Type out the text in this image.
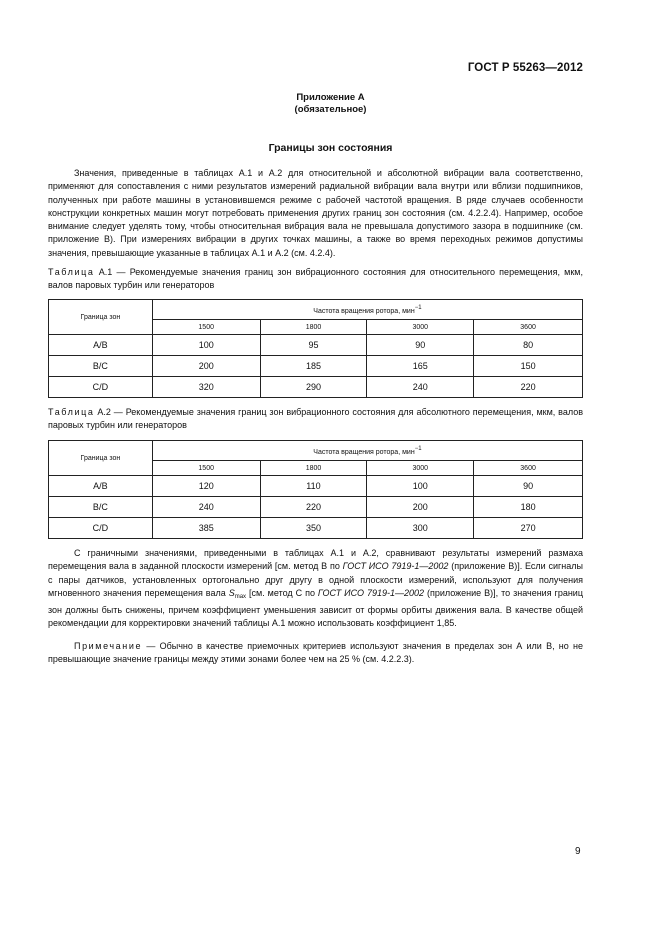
ГОСТ Р 55263—2012
Приложение А
(обязательное)
Границы зон состояния
Значения, приведенные в таблицах А.1 и А.2 для относительной и абсолютной вибрации вала соответственно, применяют для сопоставления с ними результатов измерений радиальной вибрации вала внутри или вблизи подшипников, полученных при работе машины в установившемся режиме с рабочей частотой вращения. В ряде случаев особенности конструкции конкретных машин могут потребовать применения других границ зон состояния (см. 4.2.2.4). Например, особое внимание следует уделять тому, чтобы относительная вибрация вала не превышала допустимого зазора в подшипнике (см. приложение В). При измерениях вибрации в других точках машины, а также во время переходных режимов допустимы значения, превышающие указанные в таблицах А.1 и А.2 (см. 4.2.4).
Таблица А.1 — Рекомендуемые значения границ зон вибрационного состояния для относительного перемещения, мкм, валов паровых турбин или генераторов
Граница зон	Частота вращения ротора, мин$^{-1}$
	1500	1800	3000	3600
A/B	100	95	90	80
B/C	200	185	165	150
C/D	320	290	240	220
Таблица А.2 — Рекомендуемые значения границ зон вибрационного состояния для абсолютного перемещения, мкм, валов паровых турбин или генераторов
Граница зон	Частота вращения ротора, мин$^{-1}$
	1500	1800	3000	3600
A/B	120	110	100	90
B/C	240	220	200	180
C/D	385	350	300	270
С граничными значениями, приведенными в таблицах А.1 и А.2, сравнивают результаты измерений размаха перемещения вала в заданной плоскости измерений [см. метод В по ГОСТ ИСО 7919-1—2002 (приложение В)]. Если сигналы с пары датчиков, установленных ортогонально друг другу в одной плоскости измерений, используют для получения мгновенного значения перемещения вала $S_{max}$ [см. метод С по ГОСТ ИСО 7919-1—2002 (приложение В)], то значения границ зон должны быть снижены, причем коэффициент уменьшения зависит от формы орбиты движения вала. В качестве общей рекомендации для корректировки значений таблицы А.1 можно использовать коэффициент 1,85.
Примечание — Обычно в качестве приемочных критериев используют значения в пределах зон А или В, но не превышающие значение границы между этими зонами более чем на 25 % (см. 4.2.2.3).
9
